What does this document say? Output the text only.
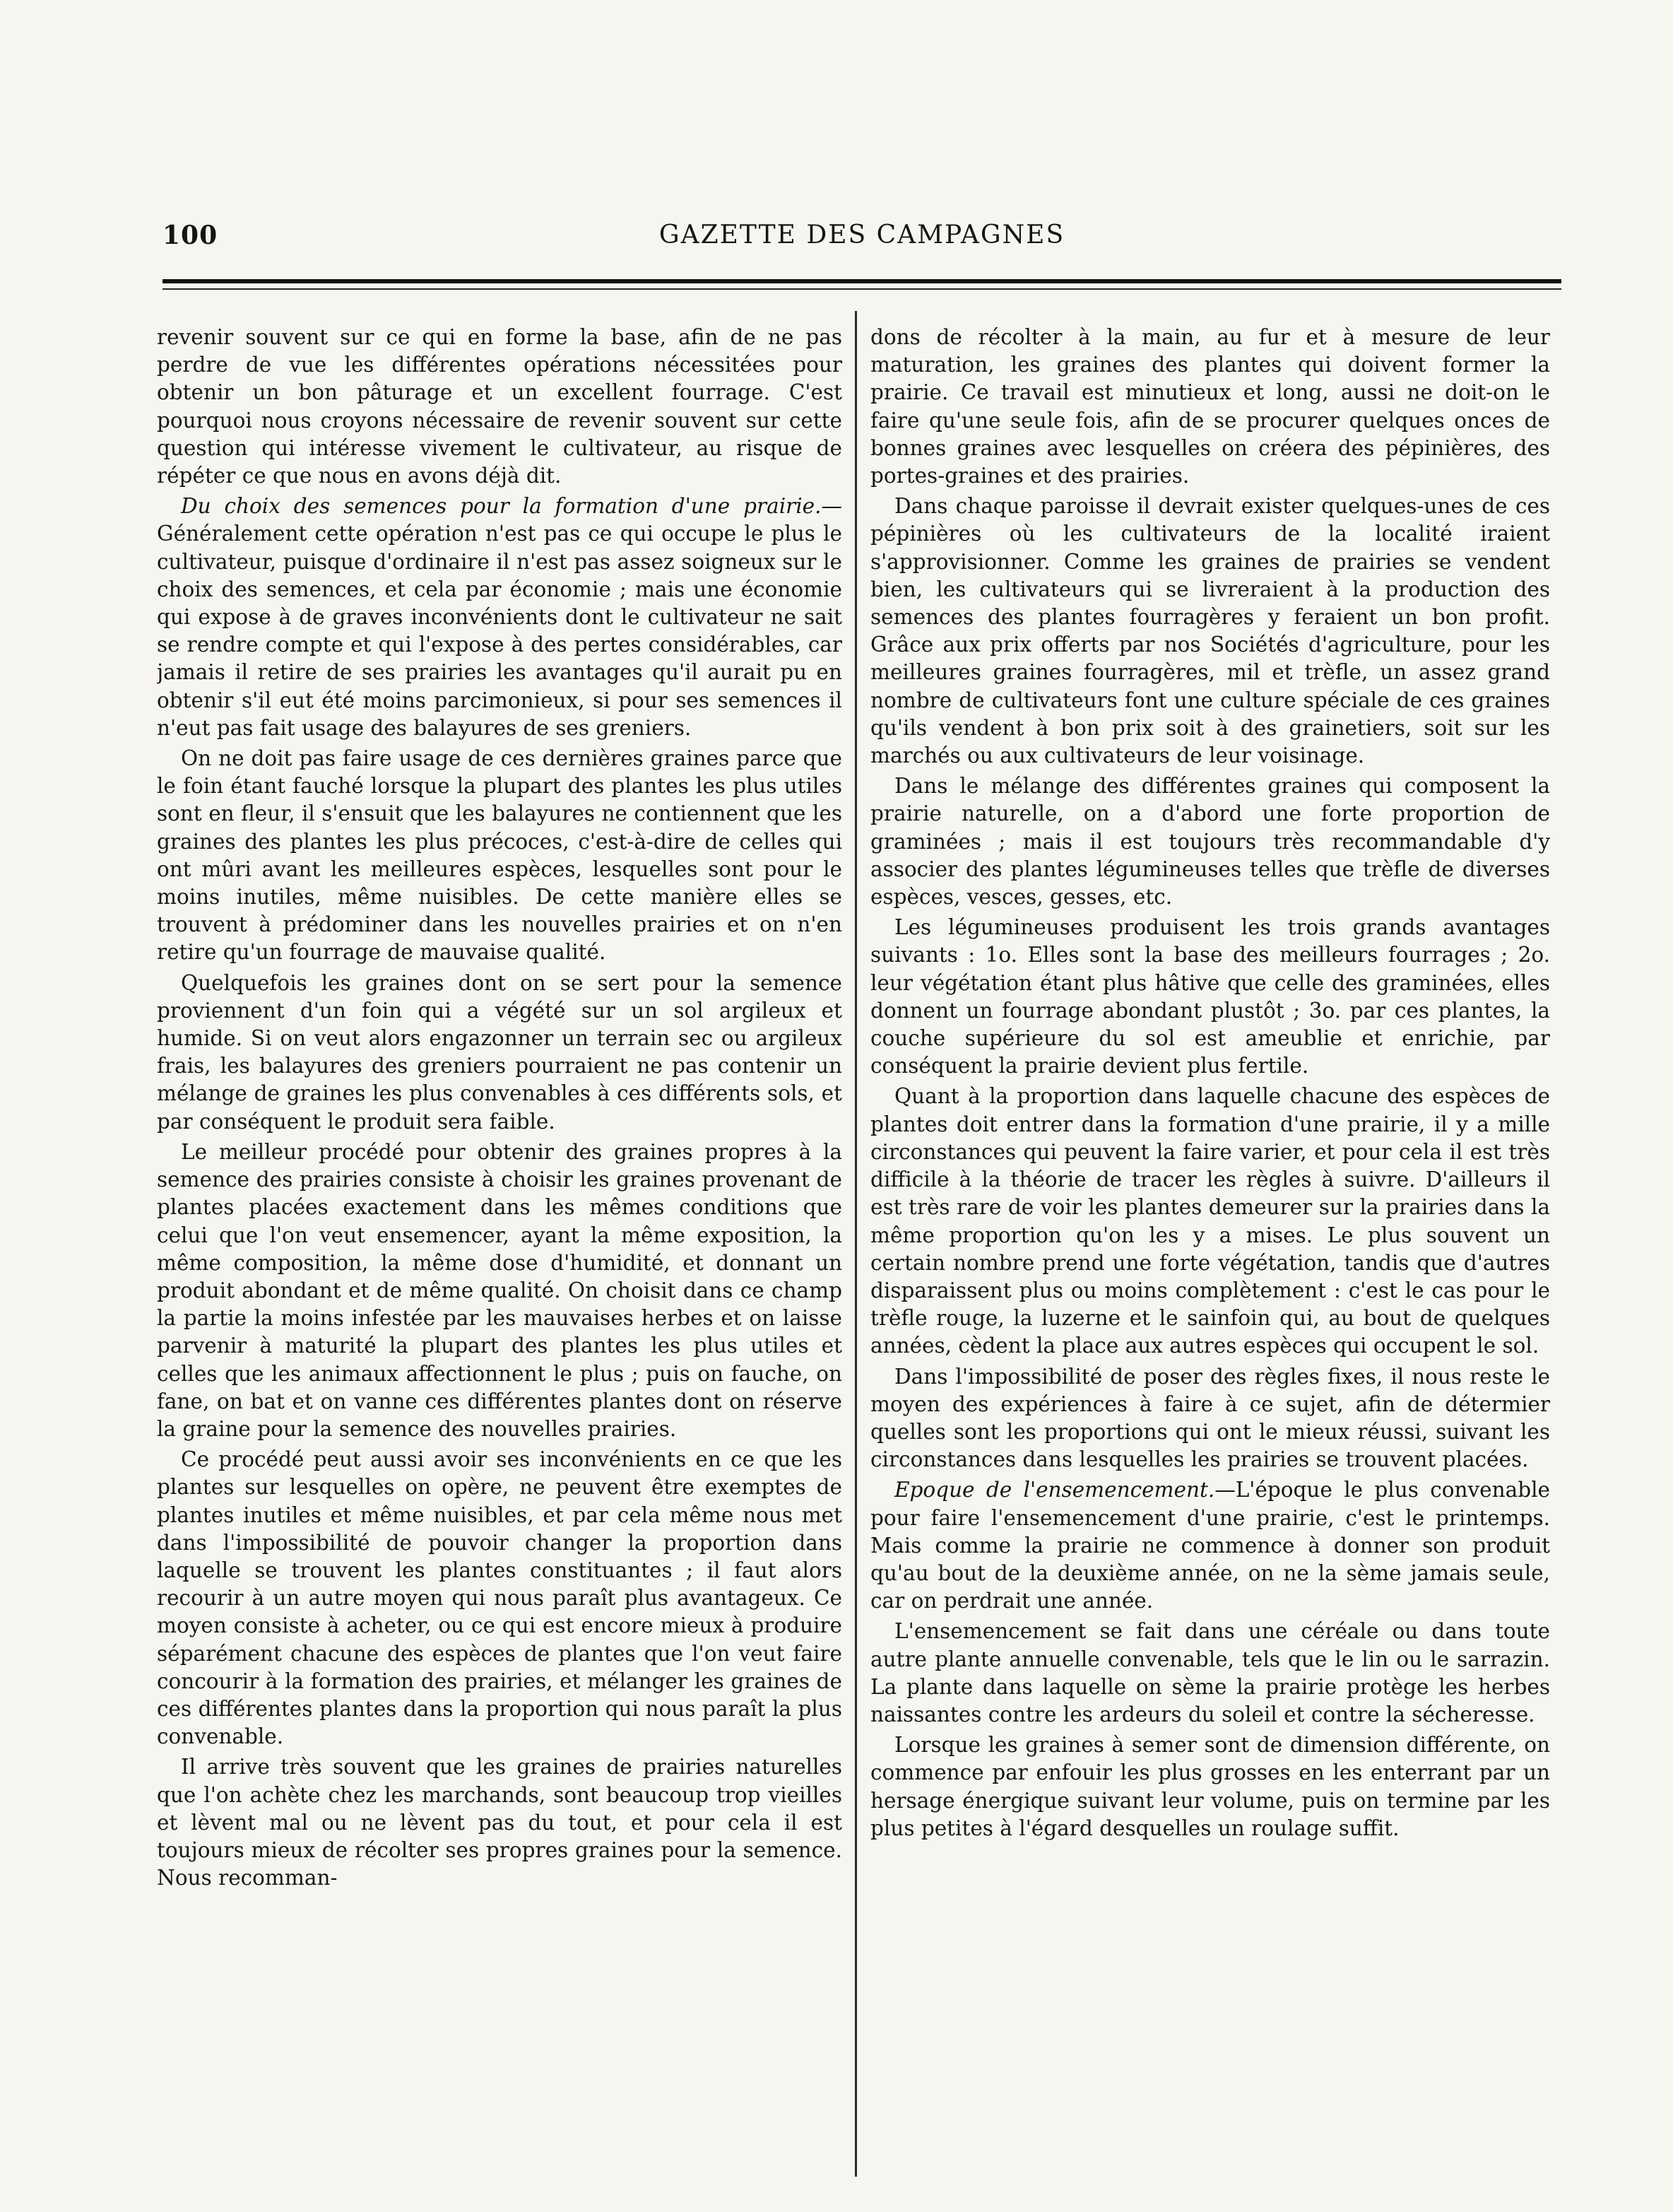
100	GAZETTE DES CAMPAGNES

revenir souvent sur ce qui en forme la base, afin de ne pas perdre de vue les différentes opérations nécessitées pour obtenir un bon pâturage et un excellent fourrage. C'est pourquoi nous croyons nécessaire de revenir souvent sur cette question qui intéresse vivement le cultivateur, au risque de répéter ce que nous en avons déjà dit.

Du choix des semences pour la formation d'une prairie.—Généralement cette opération n'est pas ce qui occupe le plus le cultivateur, puisque d'ordinaire il n'est pas assez soigneux sur le choix des semences, et cela par économie ; mais une économie qui expose à de graves inconvénients dont le cultivateur ne sait se rendre compte et qui l'expose à des pertes considérables, car jamais il retire de ses prairies les avantages qu'il aurait pu en obtenir s'il eut été moins parcimonieux, si pour ses semences il n'eut pas fait usage des balayures de ses greniers.

On ne doit pas faire usage de ces dernières graines parce que le foin étant fauché lorsque la plupart des plantes les plus utiles sont en fleur, il s'ensuit que les balayures ne contiennent que les graines des plantes les plus précoces, c'est-à-dire de celles qui ont mûri avant les meilleures espèces, lesquelles sont pour le moins inutiles, même nuisibles. De cette manière elles se trouvent à prédominer dans les nouvelles prairies et on n'en retire qu'un fourrage de mauvaise qualité.

Quelquefois les graines dont on se sert pour la semence proviennent d'un foin qui a végété sur un sol argileux et humide. Si on veut alors engazonner un terrain sec ou argileux frais, les balayures des greniers pourraient ne pas contenir un mélange de graines les plus convenables à ces différents sols, et par conséquent le produit sera faible.

Le meilleur procédé pour obtenir des graines propres à la semence des prairies consiste à choisir les graines provenant de plantes placées exactement dans les mêmes conditions que celui que l'on veut ensemencer, ayant la même exposition, la même composition, la même dose d'humidité, et donnant un produit abondant et de même qualité. On choisit dans ce champ la partie la moins infestée par les mauvaises herbes et on laisse parvenir à maturité la plupart des plantes les plus utiles et celles que les animaux affectionnent le plus ; puis on fauche, on fane, on bat et on vanne ces différentes plantes dont on réserve la graine pour la semence des nouvelles prairies.

Ce procédé peut aussi avoir ses inconvénients en ce que les plantes sur lesquelles on opère, ne peuvent être exemptes de plantes inutiles et même nuisibles, et par cela même nous met dans l'impossibilité de pouvoir changer la proportion dans laquelle se trouvent les plantes constituantes ; il faut alors recourir à un autre moyen qui nous paraît plus avantageux. Ce moyen consiste à acheter, ou ce qui est encore mieux à produire séparément chacune des espèces de plantes que l'on veut faire concourir à la formation des prairies, et mélanger les graines de ces différentes plantes dans la proportion qui nous paraît la plus convenable.

Il arrive très souvent que les graines de prairies naturelles que l'on achète chez les marchands, sont beaucoup trop vieilles et lèvent mal ou ne lèvent pas du tout, et pour cela il est toujours mieux de récolter ses propres graines pour la semence. Nous recomman-

dons de récolter à la main, au fur et à mesure de leur maturation, les graines des plantes qui doivent former la prairie. Ce travail est minutieux et long, aussi ne doit-on le faire qu'une seule fois, afin de se procurer quelques onces de bonnes graines avec lesquelles on créera des pépinières, des portes-graines et des prairies.

Dans chaque paroisse il devrait exister quelques-unes de ces pépinières où les cultivateurs de la localité iraient s'approvisionner. Comme les graines de prairies se vendent bien, les cultivateurs qui se livreraient à la production des semences des plantes fourragères y feraient un bon profit. Grâce aux prix offerts par nos Sociétés d'agriculture, pour les meilleures graines fourragères, mil et trèfle, un assez grand nombre de cultivateurs font une culture spéciale de ces graines qu'ils vendent à bon prix soit à des grainetiers, soit sur les marchés ou aux cultivateurs de leur voisinage.

Dans le mélange des différentes graines qui composent la prairie naturelle, on a d'abord une forte proportion de graminées ; mais il est toujours très recommandable d'y associer des plantes légumineuses telles que trèfle de diverses espèces, vesces, gesses, etc.

Les légumineuses produisent les trois grands avantages suivants : 1o. Elles sont la base des meilleurs fourrages ; 2o. leur végétation étant plus hâtive que celle des graminées, elles donnent un fourrage abondant plustôt ; 3o. par ces plantes, la couche supérieure du sol est ameublie et enrichie, par conséquent la prairie devient plus fertile.

Quant à la proportion dans laquelle chacune des espèces de plantes doit entrer dans la formation d'une prairie, il y a mille circonstances qui peuvent la faire varier, et pour cela il est très difficile à la théorie de tracer les règles à suivre. D'ailleurs il est très rare de voir les plantes demeurer sur la prairies dans la même proportion qu'on les y a mises. Le plus souvent un certain nombre prend une forte végétation, tandis que d'autres disparaissent plus ou moins complètement : c'est le cas pour le trèfle rouge, la luzerne et le sainfoin qui, au bout de quelques années, cèdent la place aux autres espèces qui occupent le sol.

Dans l'impossibilité de poser des règles fixes, il nous reste le moyen des expériences à faire à ce sujet, afin de détermier quelles sont les proportions qui ont le mieux réussi, suivant les circonstances dans lesquelles les prairies se trouvent placées.

Epoque de l'ensemencement.—L'époque le plus convenable pour faire l'ensemencement d'une prairie, c'est le printemps. Mais comme la prairie ne commence à donner son produit qu'au bout de la deuxième année, on ne la sème jamais seule, car on perdrait une année.

L'ensemencement se fait dans une céréale ou dans toute autre plante annuelle convenable, tels que le lin ou le sarrazin. La plante dans laquelle on sème la prairie protège les herbes naissantes contre les ardeurs du soleil et contre la sécheresse.

Lorsque les graines à semer sont de dimension différente, on commence par enfouir les plus grosses en les enterrant par un hersage énergique suivant leur volume, puis on termine par les plus petites à l'égard desquelles un roulage suffit.
